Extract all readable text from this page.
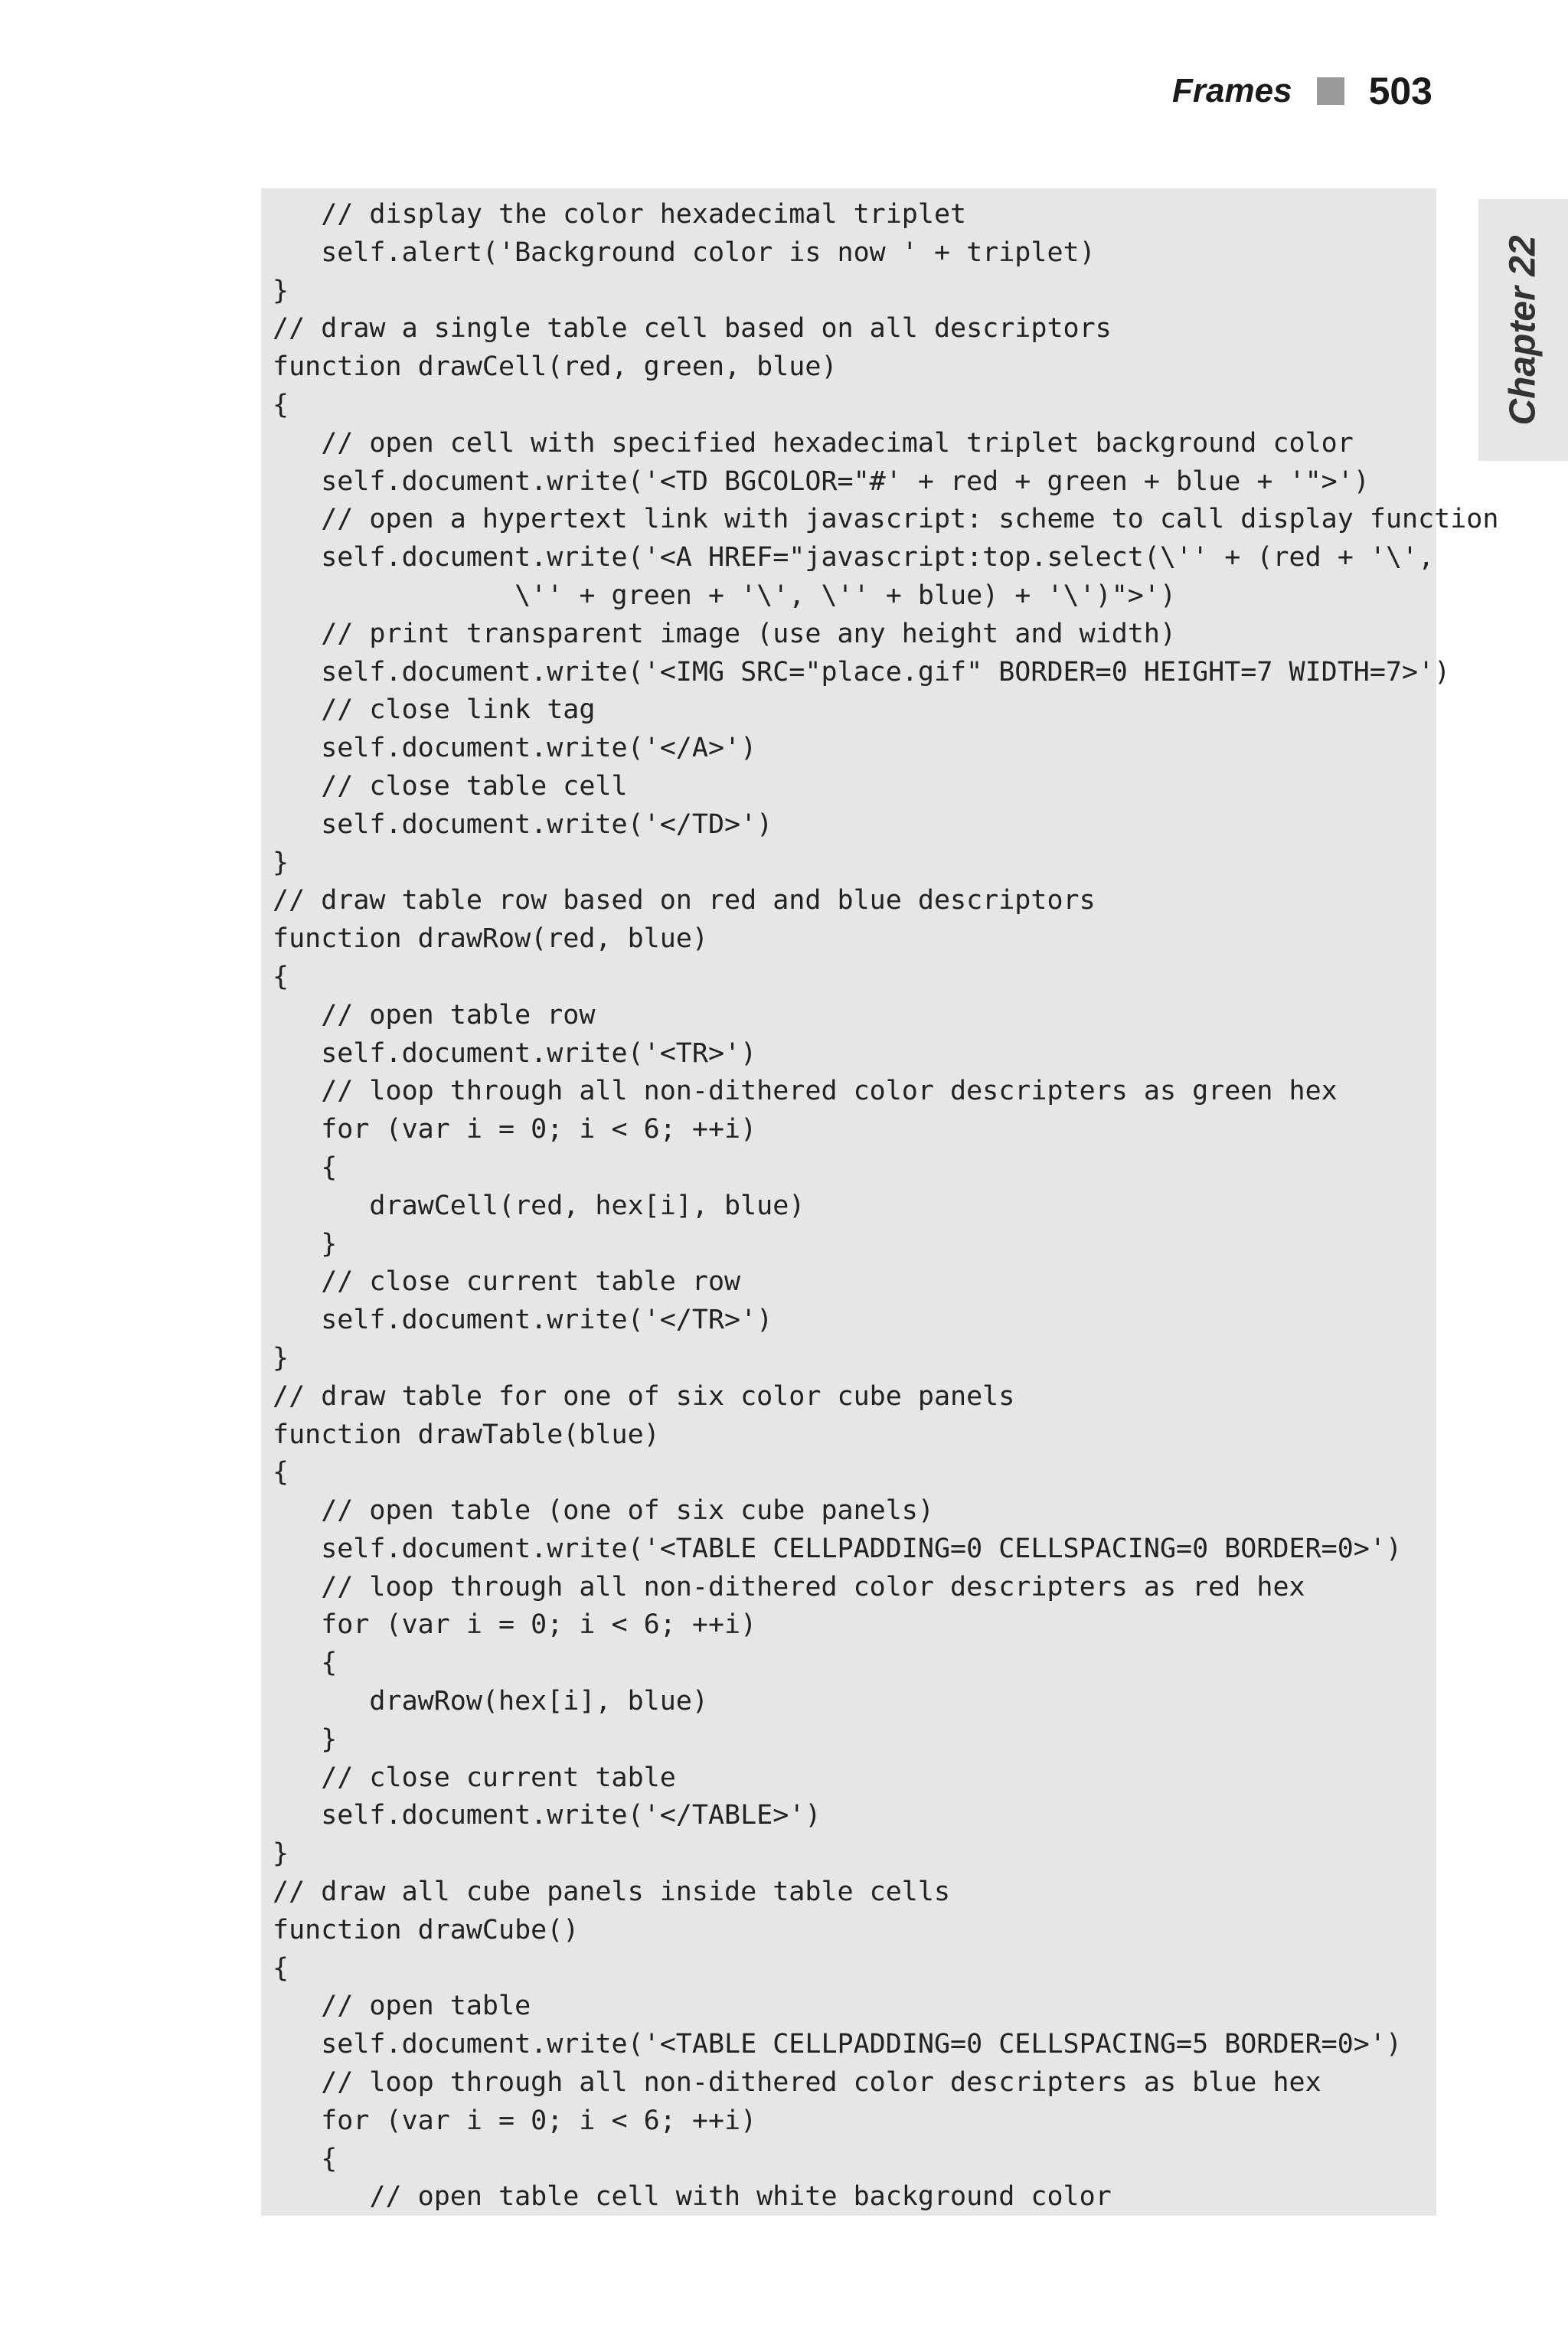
Frames 503
Chapter 22
// display the color hexadecimal triplet
self.alert('Background color is now ' + triplet)
}
// draw a single table cell based on all descriptors
function drawCell(red, green, blue)
{
// open cell with specified hexadecimal triplet background color
self.document.write('<TD BGCOLOR="#' + red + green + blue + '">')
// open a hypertext link with javascript: scheme to call display function
self.document.write('<A HREF="javascript:top.select(\'' + (red + '\',
\'' + green + '\', \'' + blue) + '\')">')
// print transparent image (use any height and width)
self.document.write('<IMG SRC="place.gif" BORDER=0 HEIGHT=7 WIDTH=7>')
// close link tag
self.document.write('</A>')
// close table cell
self.document.write('</TD>')
}
// draw table row based on red and blue descriptors
function drawRow(red, blue)
{
// open table row
self.document.write('<TR>')
// loop through all non-dithered color descripters as green hex
for (var i = 0; i < 6; ++i)
{
drawCell(red, hex[i], blue)
}
// close current table row
self.document.write('</TR>')
}
// draw table for one of six color cube panels
function drawTable(blue)
{
// open table (one of six cube panels)
self.document.write('<TABLE CELLPADDING=0 CELLSPACING=0 BORDER=0>')
// loop through all non-dithered color descripters as red hex
for (var i = 0; i < 6; ++i)
{
drawRow(hex[i], blue)
}
// close current table
self.document.write('</TABLE>')
}
// draw all cube panels inside table cells
function drawCube()
{
// open table
self.document.write('<TABLE CELLPADDING=0 CELLSPACING=5 BORDER=0>')
// loop through all non-dithered color descripters as blue hex
for (var i = 0; i < 6; ++i)
{
// open table cell with white background color
